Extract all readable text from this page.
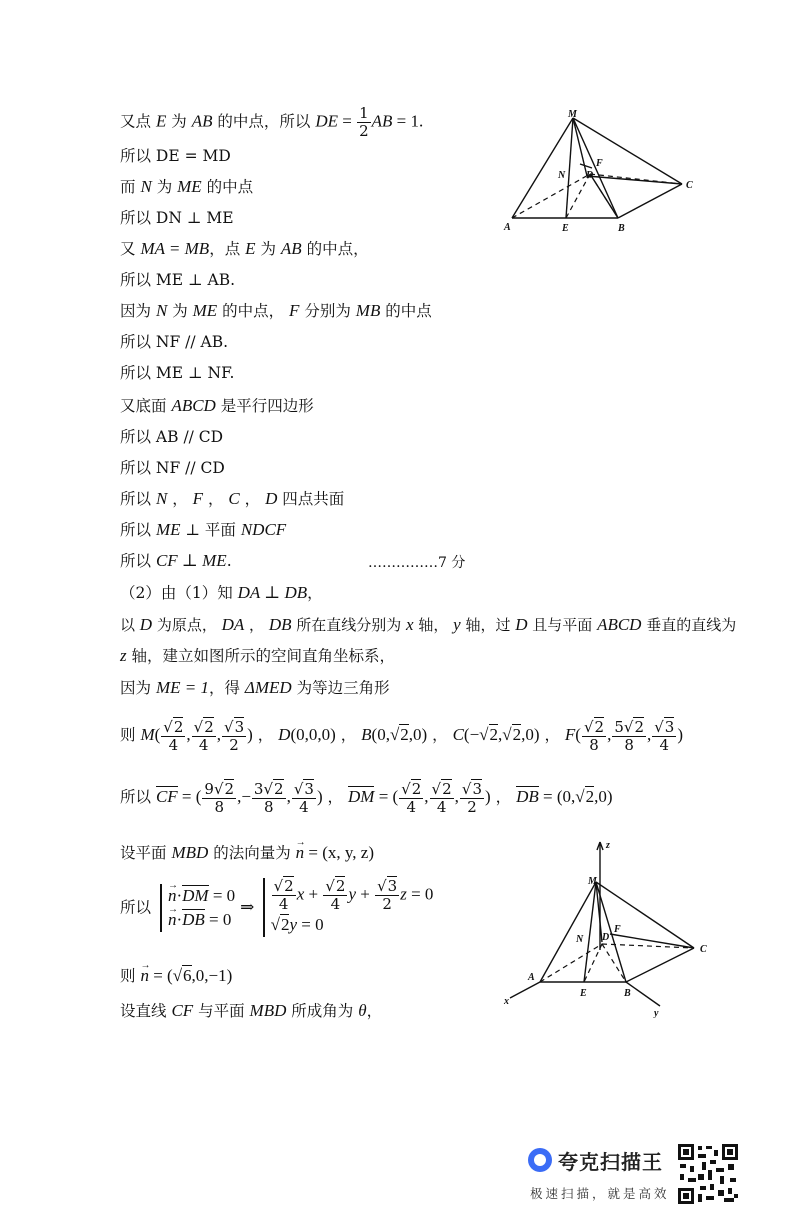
M
F
N D
C
A	E	B
又点 E 为 AB 的中点，所以 DE = $\frac{1}{2}$ AB = 1.
所以 DE = MD
而 N 为 ME 的中点
所以 DN ⊥ ME
又 MA = MB，点 E 为 AB 的中点，
所以 ME ⊥ AB.
因为 N 为 ME 的中点， F 分别为 MB 的中点
所以 NF // AB.
所以 ME ⊥ NF.
又底面 ABCD 是平行四边形
所以 AB // CD
所以 NF // CD
所以 N ， F ， C ， D 四点共面
所以 ME ⊥ 平面 NDCF
所以 CF ⊥ ME.	……………7 分
（2）由（1）知 DA ⊥ DB，
以 D 为原点， DA ， DB 所在直线分别为 x 轴， y 轴，过 D 且与平面 ABCD 垂直的直线为
z 轴，建立如图所示的空间直角坐标系，
因为 ME = 1，得 ΔMED 为等边三角形
则 $M( \frac{√2}{4}$ , $\frac{√2}{4}$ , $\frac{√3}{2}$ ) ， D(0,0,0) ， B(0,√2,0) ， C(−√2,√2,0) ， $F( \frac{√2}{8}$ , $\frac{5√2}{8}$ , $\frac{√3}{4}$ )
所以 CF = ( $\frac{9√2}{8}$ ,− $\frac{3√2}{8}$ , $\frac{√3}{4}$ ) ， DM = ( $\frac{√2}{4}$ , $\frac{√2}{4}$ , $\frac{√3}{2}$ ) ， DB = (0,√2,0)
设平面 MBD 的法向量为 → n = (x, y, z)
所以
→ n·DM = 0
→ n·DB = 0
⇒ $\frac{√2}{4}$ $x + \frac{√2}{4}$ $y + \frac{√3}{2}$ z = 0
√2y = 0
则 → n = (√6,0,−1)
设直线 CF 与平面 MBD 所成角为 θ，
z
M
F
N D
C
A
E	B
x
y
夸克扫描王
极速扫描，就是高效
